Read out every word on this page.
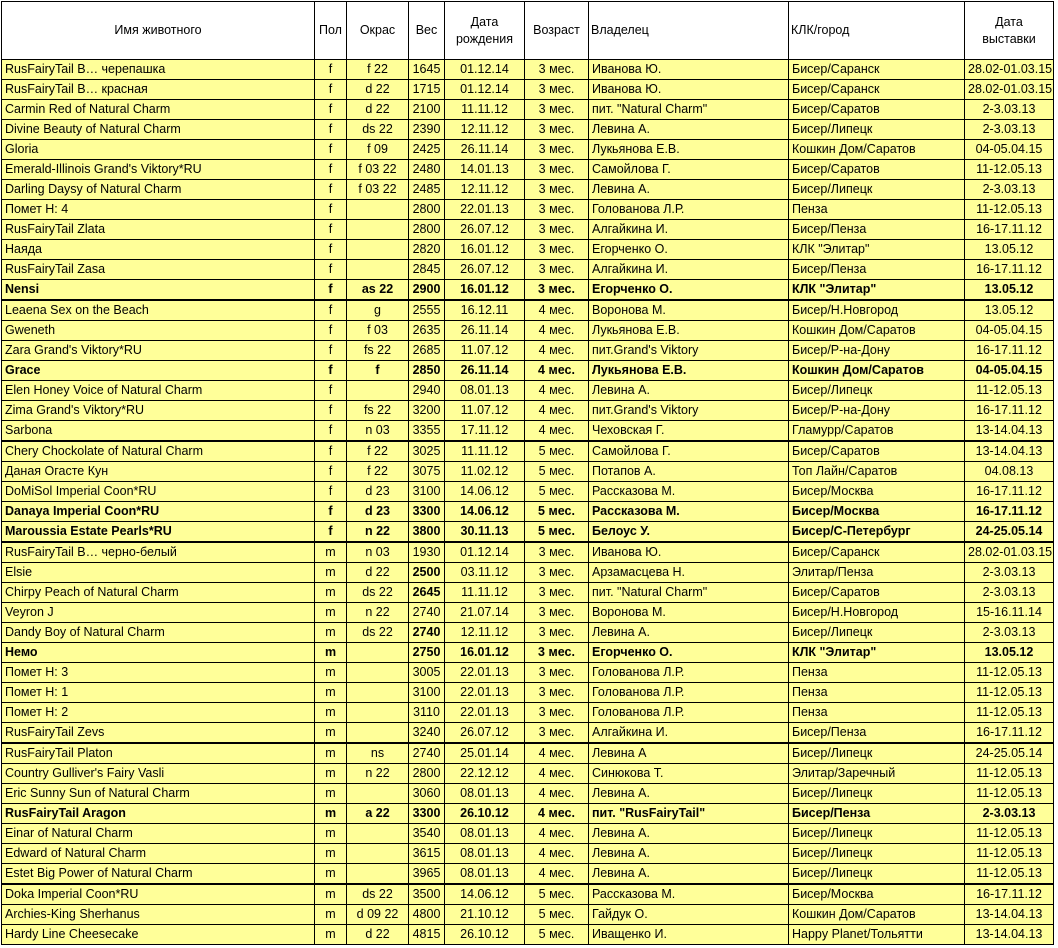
Имя животного	Пол	Окрас	Вес	Дата рождения	Возраст	Владелец	КЛК/город	Дата выставки
RusFairyTail B… черепашка	f	f 22	1645	01.12.14	3 мес.	Иванова Ю.	Бисер/Саранск	28.02-01.03.15
RusFairyTail B… красная	f	d 22	1715	01.12.14	3 мес.	Иванова Ю.	Бисер/Саранск	28.02-01.03.15
Carmin Red of Natural Charm	f	d 22	2100	11.11.12	3 мес.	пит. "Natural Charm"	Бисер/Саратов	2-3.03.13
Divine Beauty of Natural Charm	f	ds 22	2390	12.11.12	3 мес.	Левина А.	Бисер/Липецк	2-3.03.13
Gloria	f	f 09	2425	26.11.14	3 мес.	Лукьянова Е.В.	Кошкин Дом/Саратов	04-05.04.15
Emerald-Illinois Grand's Viktory*RU	f	f 03 22	2480	14.01.13	3 мес.	Самойлова Г.	Бисер/Саратов	11-12.05.13
Darling Daysy of Natural Charm	f	f 03 22	2485	12.11.12	3 мес.	Левина А.	Бисер/Липецк	2-3.03.13
Помет Н: 4	f		2800	22.01.13	3 мес.	Голованова Л.Р.	Пенза	11-12.05.13
RusFairyTail Zlata	f		2800	26.07.12	3 мес.	Алгайкина И.	Бисер/Пенза	16-17.11.12
Наяда	f		2820	16.01.12	3 мес.	Егорченко О.	КЛК "Элитар"	13.05.12
RusFairyTail Zasa	f		2845	26.07.12	3 мес.	Алгайкина И.	Бисер/Пенза	16-17.11.12
Nensi	f	as 22	2900	16.01.12	3 мес.	Егорченко О.	КЛК "Элитар"	13.05.12
Leaena Sex on the Beach	f	g	2555	16.12.11	4 мес.	Воронова М.	Бисер/Н.Новгород	13.05.12
Gweneth	f	f 03	2635	26.11.14	4 мес.	Лукьянова Е.В.	Кошкин Дом/Саратов	04-05.04.15
Zara Grand's Viktory*RU	f	fs 22	2685	11.07.12	4 мес.	пит.Grand's Viktory	Бисер/Р-на-Дону	16-17.11.12
Grace	f	f	2850	26.11.14	4 мес.	Лукьянова Е.В.	Кошкин Дом/Саратов	04-05.04.15
Elen Honey Voice of Natural Charm	f		2940	08.01.13	4 мес.	Левина А.	Бисер/Липецк	11-12.05.13
Zima Grand's Viktory*RU	f	fs 22	3200	11.07.12	4 мес.	пит.Grand's Viktory	Бисер/Р-на-Дону	16-17.11.12
Sarbona	f	n 03	3355	17.11.12	4 мес.	Чеховская Г.	Гламурр/Саратов	13-14.04.13
Chery Chockolate of Natural Charm	f	f 22	3025	11.11.12	5 мес.	Самойлова Г.	Бисер/Саратов	13-14.04.13
Даная Огасте Кун	f	f 22	3075	11.02.12	5 мес.	Потапов А.	Топ Лайн/Саратов	04.08.13
DoMiSol Imperial Coon*RU	f	d 23	3100	14.06.12	5 мес.	Рассказова М.	Бисер/Москва	16-17.11.12
Danaya Imperial Coon*RU	f	d 23	3300	14.06.12	5 мес.	Рассказова М.	Бисер/Москва	16-17.11.12
Maroussia Estate Pearls*RU	f	n 22	3800	30.11.13	5 мес.	Белоус У.	Бисер/С-Петербург	24-25.05.14
RusFairyTail B… черно-белый	m	n 03	1930	01.12.14	3 мес.	Иванова Ю.	Бисер/Саранск	28.02-01.03.15
Elsie	m	d 22	2500	03.11.12	3 мес.	Арзамасцева Н.	Элитар/Пенза	2-3.03.13
Chirpy Peach of Natural Charm	m	ds 22	2645	11.11.12	3 мес.	пит. "Natural Charm"	Бисер/Саратов	2-3.03.13
Veyron J	m	n 22	2740	21.07.14	3 мес.	Воронова М.	Бисер/Н.Новгород	15-16.11.14
Dandy Boy of Natural Charm	m	ds 22	2740	12.11.12	3 мес.	Левина А.	Бисер/Липецк	2-3.03.13
Немо	m		2750	16.01.12	3 мес.	Егорченко О.	КЛК "Элитар"	13.05.12
Помет Н: 3	m		3005	22.01.13	3 мес.	Голованова Л.Р.	Пенза	11-12.05.13
Помет Н: 1	m		3100	22.01.13	3 мес.	Голованова Л.Р.	Пенза	11-12.05.13
Помет Н: 2	m		3110	22.01.13	3 мес.	Голованова Л.Р.	Пенза	11-12.05.13
RusFairyTail Zevs	m		3240	26.07.12	3 мес.	Алгайкина И.	Бисер/Пенза	16-17.11.12
RusFairyTail Platon	m	ns	2740	25.01.14	4 мес.	Левина А	Бисер/Липецк	24-25.05.14
Country Gulliver's Fairy Vasli	m	n 22	2800	22.12.12	4 мес.	Синюкова Т.	Элитар/Заречный	11-12.05.13
Eric Sunny Sun of Natural Charm	m		3060	08.01.13	4 мес.	Левина А.	Бисер/Липецк	11-12.05.13
RusFairyTail Aragon	m	a 22	3300	26.10.12	4 мес.	пит. "RusFairyTail"	Бисер/Пенза	2-3.03.13
Einar of Natural Charm	m		3540	08.01.13	4 мес.	Левина А.	Бисер/Липецк	11-12.05.13
Edward of Natural Charm	m		3615	08.01.13	4 мес.	Левина А.	Бисер/Липецк	11-12.05.13
Estet Big Power of Natural Charm	m		3965	08.01.13	4 мес.	Левина А.	Бисер/Липецк	11-12.05.13
Doka Imperial Coon*RU	m	ds 22	3500	14.06.12	5 мес.	Рассказова М.	Бисер/Москва	16-17.11.12
Archies-King Sherhanus	m	d 09 22	4800	21.10.12	5 мес.	Гайдук О.	Кошкин Дом/Саратов	13-14.04.13
Hardy Line Cheesecake	m	d 22	4815	26.10.12	5 мес.	Иващенко И.	Happy Planet/Тольятти	13-14.04.13
